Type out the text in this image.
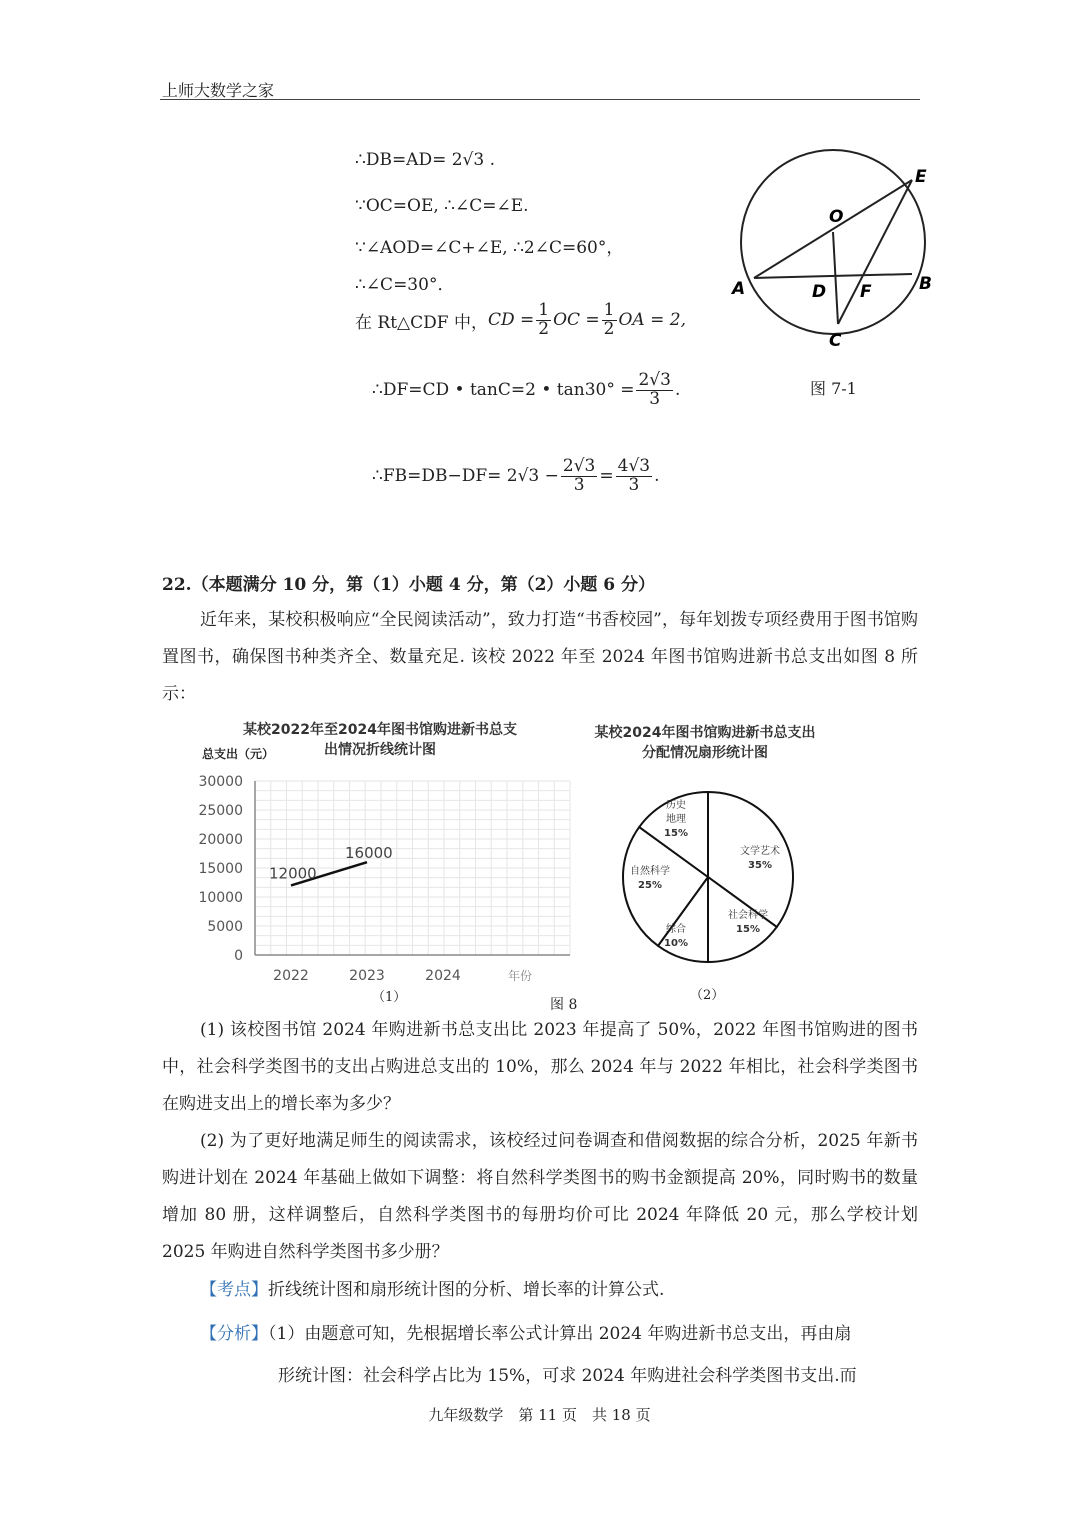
上师大数学之家
∴DB=AD= 2√3 .
∵OC=OE, ∴∠C=∠E.
∵∠AOD=∠C+∠E, ∴2∠C=60°，
∴∠C=30°．
在 Rt△CDF 中， CD = $\frac{1}{2}$ OC = $\frac{1}{2}$ OA = 2,
∴DF=CD • tanC=2 • $\tan 30^\circ = \frac{2√3}{3}$ .
∴FB=DB−DF= $2√3 - \frac{2√3}{3} = \frac{4√3}{3}$ .
E
O
A	D F	B
C
图 7-1
22.（本题满分 10 分，第（1）小题 4 分，第（2）小题 6 分）
近年来，某校积极响应“全民阅读活动”，致力打造“书香校园”，每年划拨专项经费用于图书馆购置图书，确保图书种类齐全、数量充足. 该校 2022 年至 2024 年图书馆购进新书总支出如图 8 所示：
某校2022年至2024年图书馆购进新书总支
出情况折线统计图
总支出（元）
0
5000
10000
15000
20000
25000
30000
2022	2023	2024	年份
12000
16000
（1）	图 8
某校2024年图书馆购进新书总支出
分配情况扇形统计图
文学艺术
35%
社会科学
15%
综合
10%
自然科学
25%
历史
地理
15%
（2）
(1) 该校图书馆 2024 年购进新书总支出比 2023 年提高了 50%，2022 年图书馆购进的图书中，社会科学类图书的支出占购进总支出的 10%，那么 2024 年与 2022 年相比，社会科学类图书在购进支出上的增长率为多少？
(2) 为了更好地满足师生的阅读需求，该校经过问卷调查和借阅数据的综合分析，2025 年新书购进计划在 2024 年基础上做如下调整：将自然科学类图书的购书金额提高 20%，同时购书的数量增加 80 册，这样调整后，自然科学类图书的每册均价可比 2024 年降低 20 元，那么学校计划 2025 年购进自然科学类图书多少册？
【考点】折线统计图和扇形统计图的分析、增长率的计算公式.
【分析】（1）由题意可知，先根据增长率公式计算出 2024 年购进新书总支出，再由扇
形统计图：社会科学占比为 15%，可求 2024 年购进社会科学类图书支出.而
九年级数学　第 11 页　共 18 页
